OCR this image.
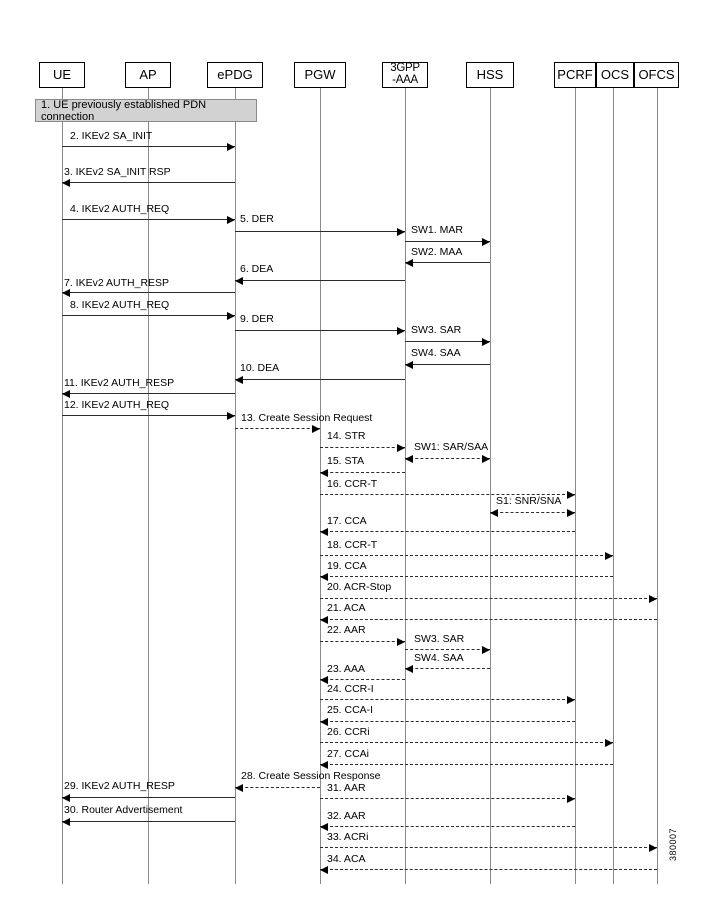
2. IKEv2 SA_INIT
3. IKEv2 SA_INIT RSP
4. IKEv2 AUTH_REQ
5. DER
SW1. MAR
SW2. MAA
6. DEA
7. IKEv2 AUTH_RESP
8. IKEv2 AUTH_REQ
9. DER
SW3. SAR
SW4. SAA
10. DEA
11. IKEv2 AUTH_RESP
12. IKEv2 AUTH_REQ
13. Create Session Request
14. STR
SW1: SAR/SAA
15. STA
16. CCR-T
S1: SNR/SNA
17. CCA
18. CCR-T
19. CCA
20. ACR-Stop
21. ACA
22. AAR
SW3. SAR
SW4. SAA
23. AAA
24. CCR-I
25. CCA-I
26. CCRi
27. CCAi
28. Create Session Response
29. IKEv2 AUTH_RESP	31. AAR
30. Router Advertisement	32. AAR
33. ACRi
34. ACA
1. UE previously established PDN connection
UE	AP	ePDG	PGW	3GPP
-AAA	HSS	PCRF OCS OFCS
380007
